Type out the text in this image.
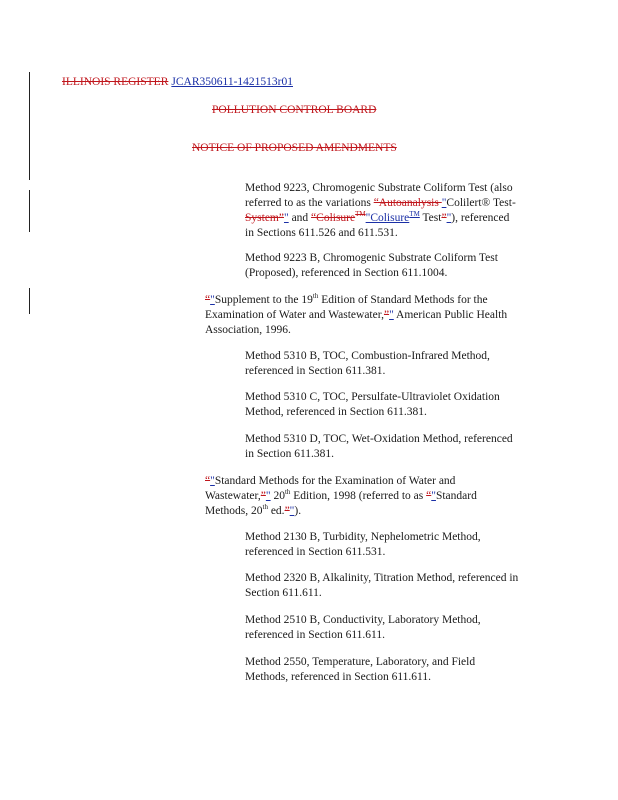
ILLINOIS REGISTER JCAR350611-1421513r01
POLLUTION CONTROL BOARD
NOTICE OF PROPOSED AMENDMENTS
Method 9223, Chromogenic Substrate Coliform Test (also
referred to as the variations “Autoanalysis "Colilert® Test-
System”" and “Colisure™"Colisure™ Test”"), referenced
in Sections 611.526 and 611.531.
Method 9223 B, Chromogenic Substrate Coliform Test
(Proposed), referenced in Section 611.1004.
“"Supplement to the 19th Edition of Standard Methods for the
Examination of Water and Wastewater,”" American Public Health
Association, 1996.
Method 5310 B, TOC, Combustion-Infrared Method,
referenced in Section 611.381.
Method 5310 C, TOC, Persulfate-Ultraviolet Oxidation
Method, referenced in Section 611.381.
Method 5310 D, TOC, Wet-Oxidation Method, referenced
in Section 611.381.
“"Standard Methods for the Examination of Water and
Wastewater,”" 20th Edition, 1998 (referred to as “"Standard
Methods, 20th ed.”").
Method 2130 B, Turbidity, Nephelometric Method,
referenced in Section 611.531.
Method 2320 B, Alkalinity, Titration Method, referenced in
Section 611.611.
Method 2510 B, Conductivity, Laboratory Method,
referenced in Section 611.611.
Method 2550, Temperature, Laboratory, and Field
Methods, referenced in Section 611.611.
